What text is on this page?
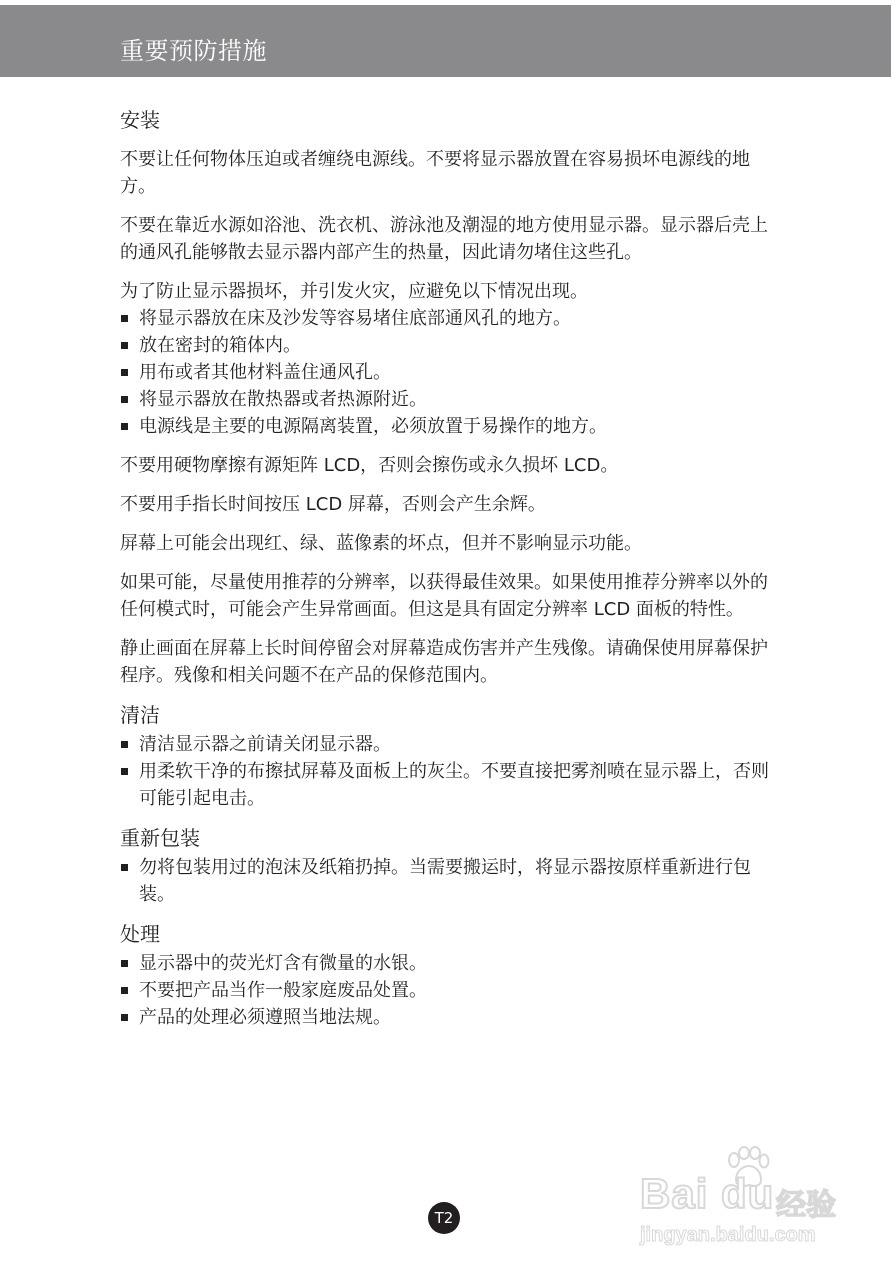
重要预防措施
安装

不要让任何物体压迫或者缠绕电源线。不要将显示器放置在容易损坏电源线的地方。

不要在靠近水源如浴池、洗衣机、游泳池及潮湿的地方使用显示器。显示器后壳上的通风孔能够散去显示器内部产生的热量，因此请勿堵住这些孔。

为了防止显示器损坏，并引发火灾，应避免以下情况出现。

将显示器放在床及沙发等容易堵住底部通风孔的地方。
放在密封的箱体内。
用布或者其他材料盖住通风孔。
将显示器放在散热器或者热源附近。
电源线是主要的电源隔离装置，必须放置于易操作的地方。

不要用硬物摩擦有源矩阵 LCD，否则会擦伤或永久损坏 LCD。

不要用手指长时间按压 LCD 屏幕，否则会产生余辉。

屏幕上可能会出现红、绿、蓝像素的坏点，但并不影响显示功能。

如果可能，尽量使用推荐的分辨率，以获得最佳效果。如果使用推荐分辨率以外的任何模式时，可能会产生异常画面。但这是具有固定分辨率 LCD 面板的特性。

静止画面在屏幕上长时间停留会对屏幕造成伤害并产生残像。请确保使用屏幕保护程序。残像和相关问题不在产品的保修范围内。

清洁
清洁显示器之前请关闭显示器。
用柔软干净的布擦拭屏幕及面板上的灰尘。不要直接把雾剂喷在显示器上，否则可能引起电击。
重新包装
勿将包装用过的泡沫及纸箱扔掉。当需要搬运时，将显示器按原样重新进行包装。
处理
显示器中的荧光灯含有微量的水银。
不要把产品当作一般家庭废品处置。
产品的处理必须遵照当地法规。
T2
Bai du 经验
jingyan.baidu.com
